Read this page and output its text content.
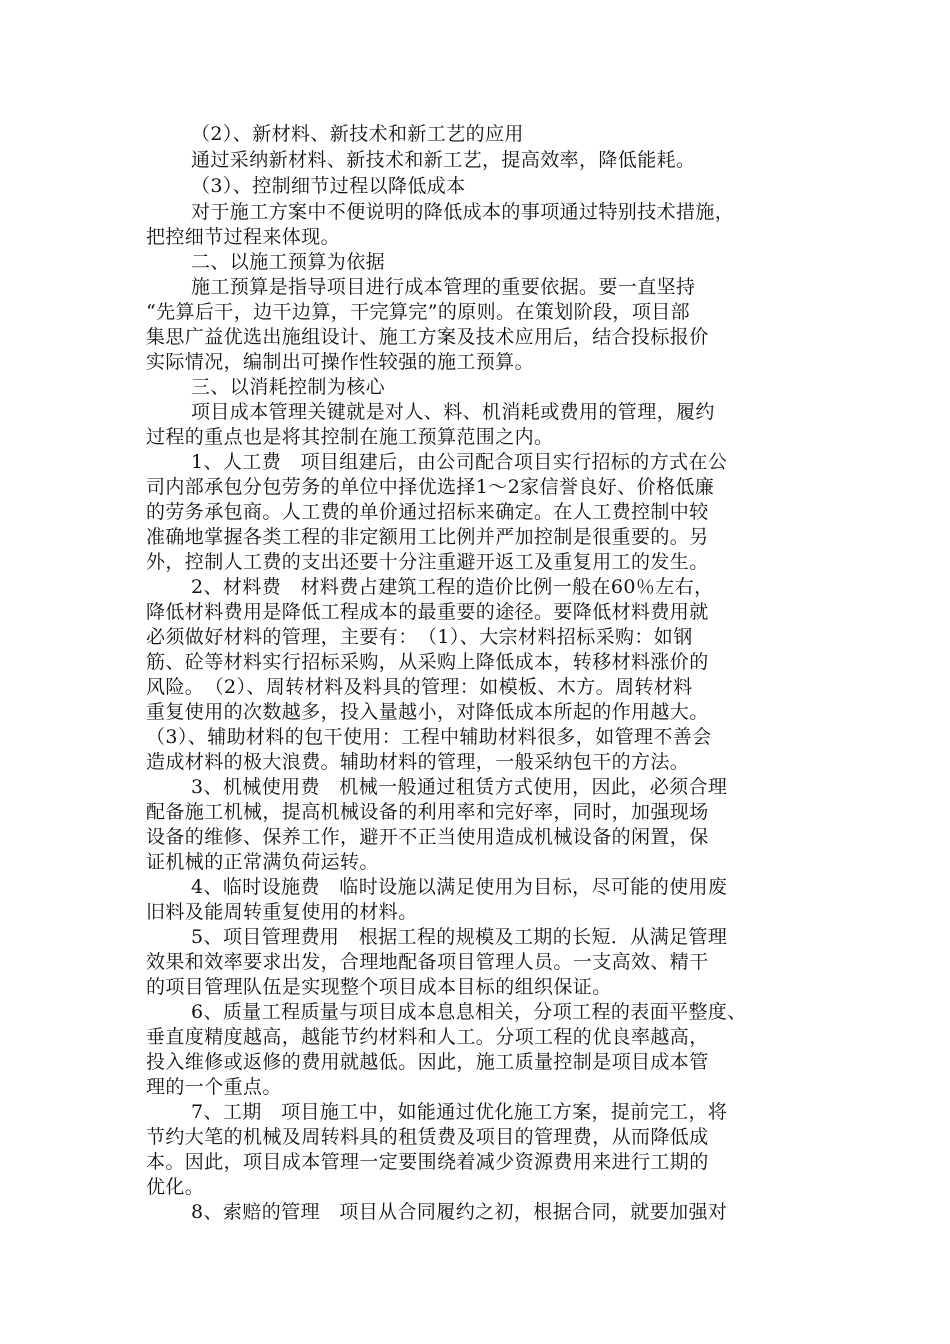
（2）、新材料、新技术和新工艺的应用
通过采纳新材料、新技术和新工艺，提高效率，降低能耗。
（3）、控制细节过程以降低成本
对于施工方案中不便说明的降低成本的事项通过特别技术措施，
把控细节过程来体现。
二、以施工预算为依据
施工预算是指导项目进行成本管理的重要依据。要一直坚持
“先算后干，边干边算，干完算完”的原则。在策划阶段，项目部
集思广益优选出施组设计、施工方案及技术应用后，结合投标报价
实际情况，编制出可操作性较强的施工预算。
三、以消耗控制为核心
项目成本管理关键就是对人、料、机消耗或费用的管理，履约
过程的重点也是将其控制在施工预算范围之内。
1、人工费　项目组建后，由公司配合项目实行招标的方式在公
司内部承包分包劳务的单位中择优选择1～2家信誉良好、价格低廉
的劳务承包商。人工费的单价通过招标来确定。在人工费控制中较
准确地掌握各类工程的非定额用工比例并严加控制是很重要的。另
外，控制人工费的支出还要十分注重避开返工及重复用工的发生。
2、材料费　材料费占建筑工程的造价比例一般在60％左右，
降低材料费用是降低工程成本的最重要的途径。要降低材料费用就
必须做好材料的管理，主要有：　（1）、大宗材料招标采购：如钢
筋、砼等材料实行招标采购，从采购上降低成本，转移材料涨价的
风险。　（2）、周转材料及料具的管理：如模板、木方。周转材料
重复使用的次数越多，投入量越小，对降低成本所起的作用越大。
（3）、辅助材料的包干使用：工程中辅助材料很多，如管理不善会
造成材料的极大浪费。辅助材料的管理，一般采纳包干的方法。
3、机械使用费　机械一般通过租赁方式使用，因此，必须合理
配备施工机械，提高机械设备的利用率和完好率，同时，加强现场
设备的维修、保养工作，避开不正当使用造成机械设备的闲置，保
证机械的正常满负荷运转。
4、临时设施费　临时设施以满足使用为目标，尽可能的使用废
旧料及能周转重复使用的材料。
5、项目管理费用　根据工程的规模及工期的长短．从满足管理
效果和效率要求出发，合理地配备项目管理人员。一支高效、精干
的项目管理队伍是实现整个项目成本目标的组织保证。
6、质量工程质量与项目成本息息相关，分项工程的表面平整度、
垂直度精度越高，越能节约材料和人工。分项工程的优良率越高，
投入维修或返修的费用就越低。因此，施工质量控制是项目成本管
理的一个重点。
7、工期　项目施工中，如能通过优化施工方案，提前完工，将
节约大笔的机械及周转料具的租赁费及项目的管理费，从而降低成
本。因此，项目成本管理一定要围绕着减少资源费用来进行工期的
优化。
8、索赔的管理　项目从合同履约之初，根据合同，就要加强对
